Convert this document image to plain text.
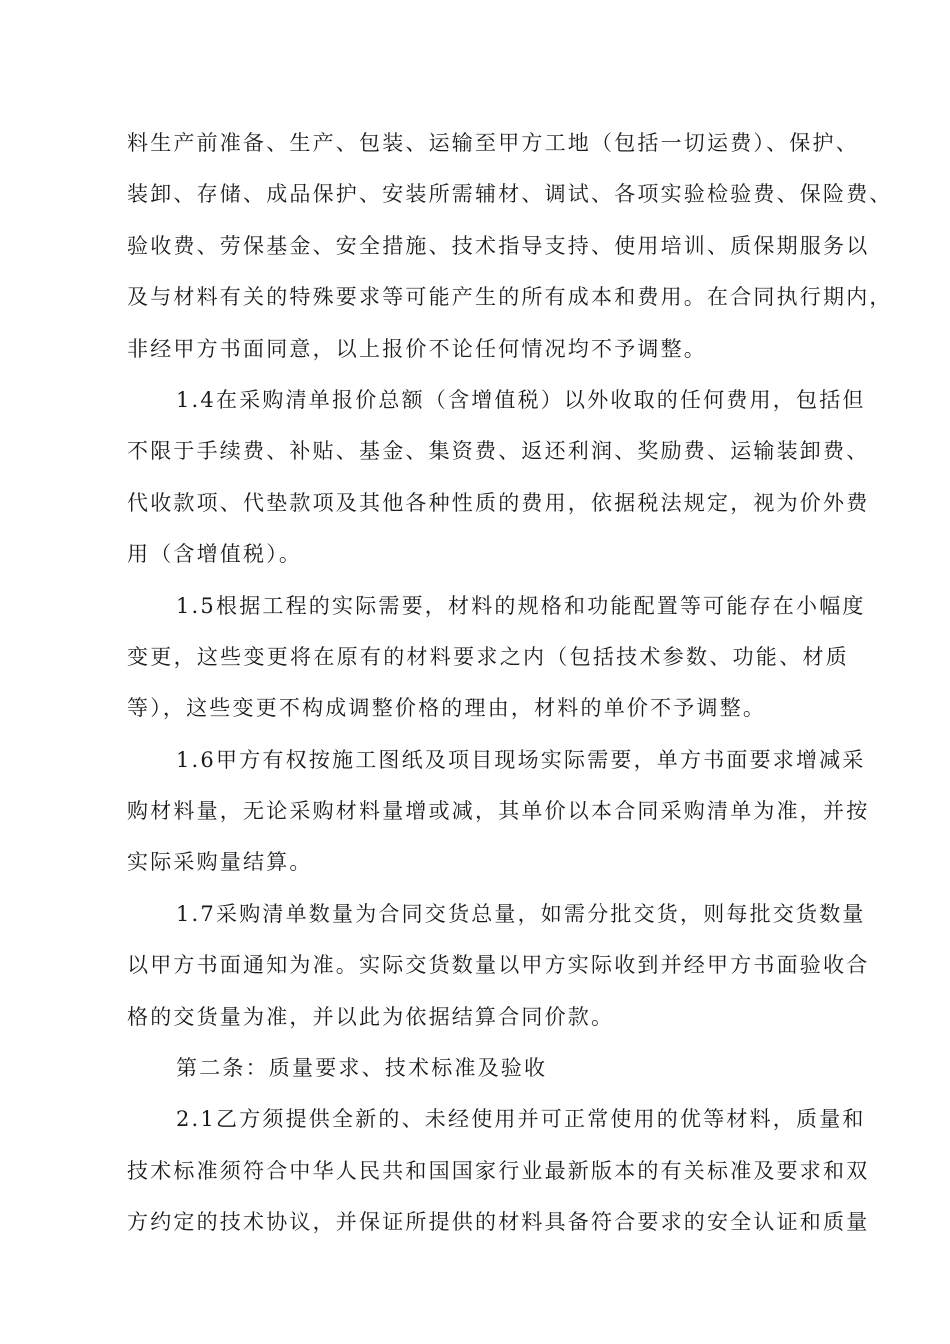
料生产前准备、生产、包装、运输至甲方工地（包括一切运费）、保护、
装卸、存储、成品保护、安装所需辅材、调试、各项实验检验费、保险费、
验收费、劳保基金、安全措施、技术指导支持、使用培训、质保期服务以
及与材料有关的特殊要求等可能产生的所有成本和费用。在合同执行期内，
非经甲方书面同意，以上报价不论任何情况均不予调整。
1.4在采购清单报价总额（含增值税）以外收取的任何费用，包括但
不限于手续费、补贴、基金、集资费、返还利润、奖励费、运输装卸费、
代收款项、代垫款项及其他各种性质的费用，依据税法规定，视为价外费
用（含增值税）。
1.5根据工程的实际需要，材料的规格和功能配置等可能存在小幅度
变更，这些变更将在原有的材料要求之内（包括技术参数、功能、材质
等），这些变更不构成调整价格的理由，材料的单价不予调整。
1.6甲方有权按施工图纸及项目现场实际需要，单方书面要求增减采
购材料量，无论采购材料量增或减，其单价以本合同采购清单为准，并按
实际采购量结算。
1.7采购清单数量为合同交货总量，如需分批交货，则每批交货数量
以甲方书面通知为准。实际交货数量以甲方实际收到并经甲方书面验收合
格的交货量为准，并以此为依据结算合同价款。
第二条：质量要求、技术标准及验收
2.1乙方须提供全新的、未经使用并可正常使用的优等材料，质量和
技术标准须符合中华人民共和国国家行业最新版本的有关标准及要求和双
方约定的技术协议，并保证所提供的材料具备符合要求的安全认证和质量
